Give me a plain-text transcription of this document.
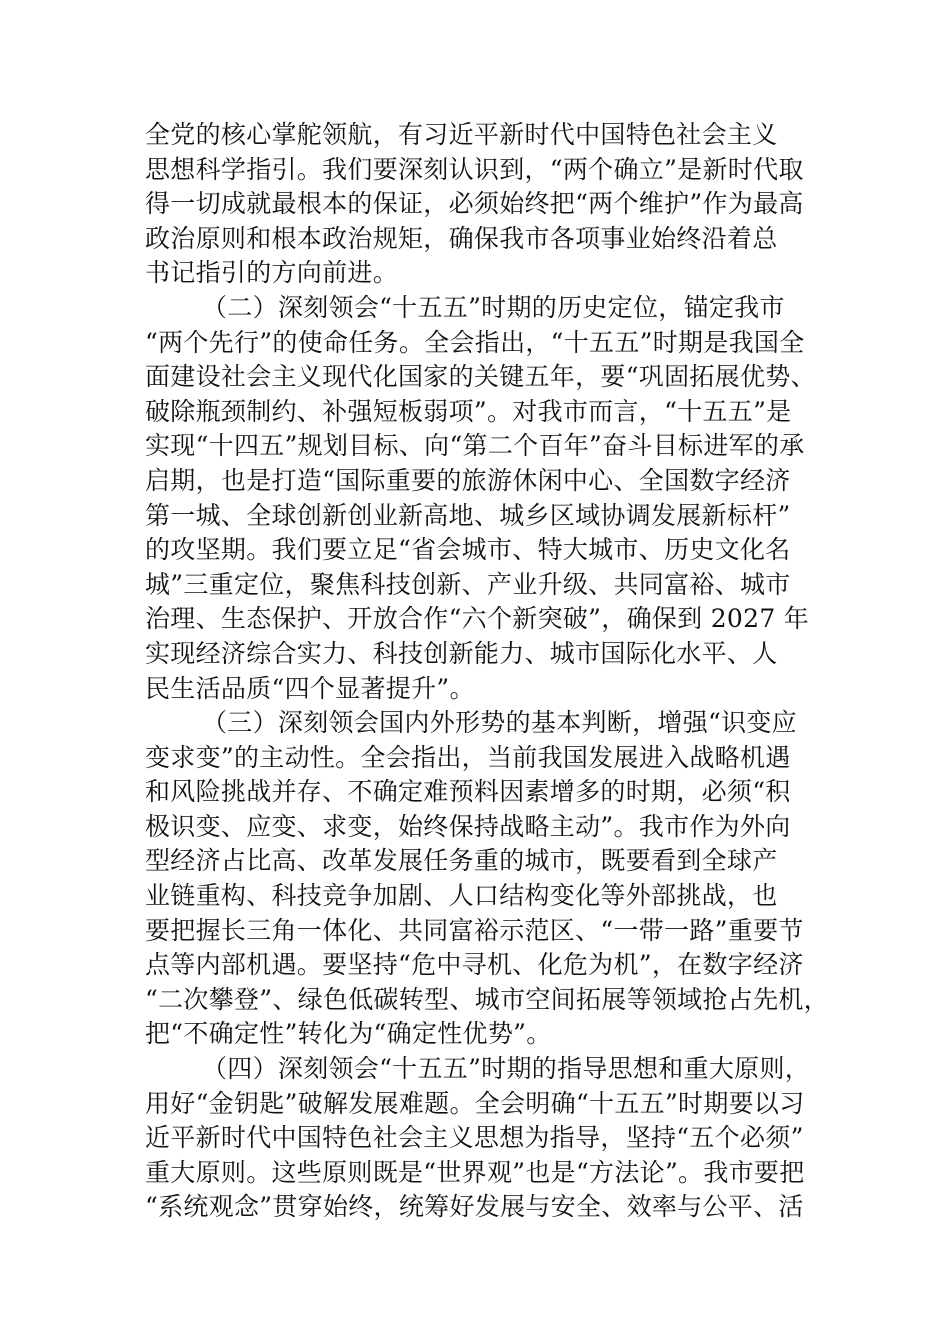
全党的核心掌舵领航，有习近平新时代中国特色社会主义
思想科学指引。我们要深刻认识到，“两个确立”是新时代取
得一切成就最根本的保证，必须始终把“两个维护”作为最高
政治原则和根本政治规矩，确保我市各项事业始终沿着总
书记指引的方向前进。
（二）深刻领会“十五五”时期的历史定位，锚定我市
“两个先行”的使命任务。全会指出，“十五五”时期是我国全
面建设社会主义现代化国家的关键五年，要“巩固拓展优势、
破除瓶颈制约、补强短板弱项”。对我市而言，“十五五”是
实现“十四五”规划目标、向“第二个百年”奋斗目标进军的承
启期，也是打造“国际重要的旅游休闲中心、全国数字经济
第一城、全球创新创业新高地、城乡区域协调发展新标杆”
的攻坚期。我们要立足“省会城市、特大城市、历史文化名
城”三重定位，聚焦科技创新、产业升级、共同富裕、城市
治理、生态保护、开放合作“六个新突破”，确保到 2027 年
实现经济综合实力、科技创新能力、城市国际化水平、人
民生活品质“四个显著提升”。
（三）深刻领会国内外形势的基本判断，增强“识变应
变求变”的主动性。全会指出，当前我国发展进入战略机遇
和风险挑战并存、不确定难预料因素增多的时期，必须“积
极识变、应变、求变，始终保持战略主动”。我市作为外向
型经济占比高、改革发展任务重的城市，既要看到全球产
业链重构、科技竞争加剧、人口结构变化等外部挑战，也
要把握长三角一体化、共同富裕示范区、“一带一路”重要节
点等内部机遇。要坚持“危中寻机、化危为机”，在数字经济
“二次攀登”、绿色低碳转型、城市空间拓展等领域抢占先机，
把“不确定性”转化为“确定性优势”。
（四）深刻领会“十五五”时期的指导思想和重大原则，
用好“金钥匙”破解发展难题。全会明确“十五五”时期要以习
近平新时代中国特色社会主义思想为指导，坚持“五个必须”
重大原则。这些原则既是“世界观”也是“方法论”。我市要把
“系统观念”贯穿始终，统筹好发展与安全、效率与公平、活
